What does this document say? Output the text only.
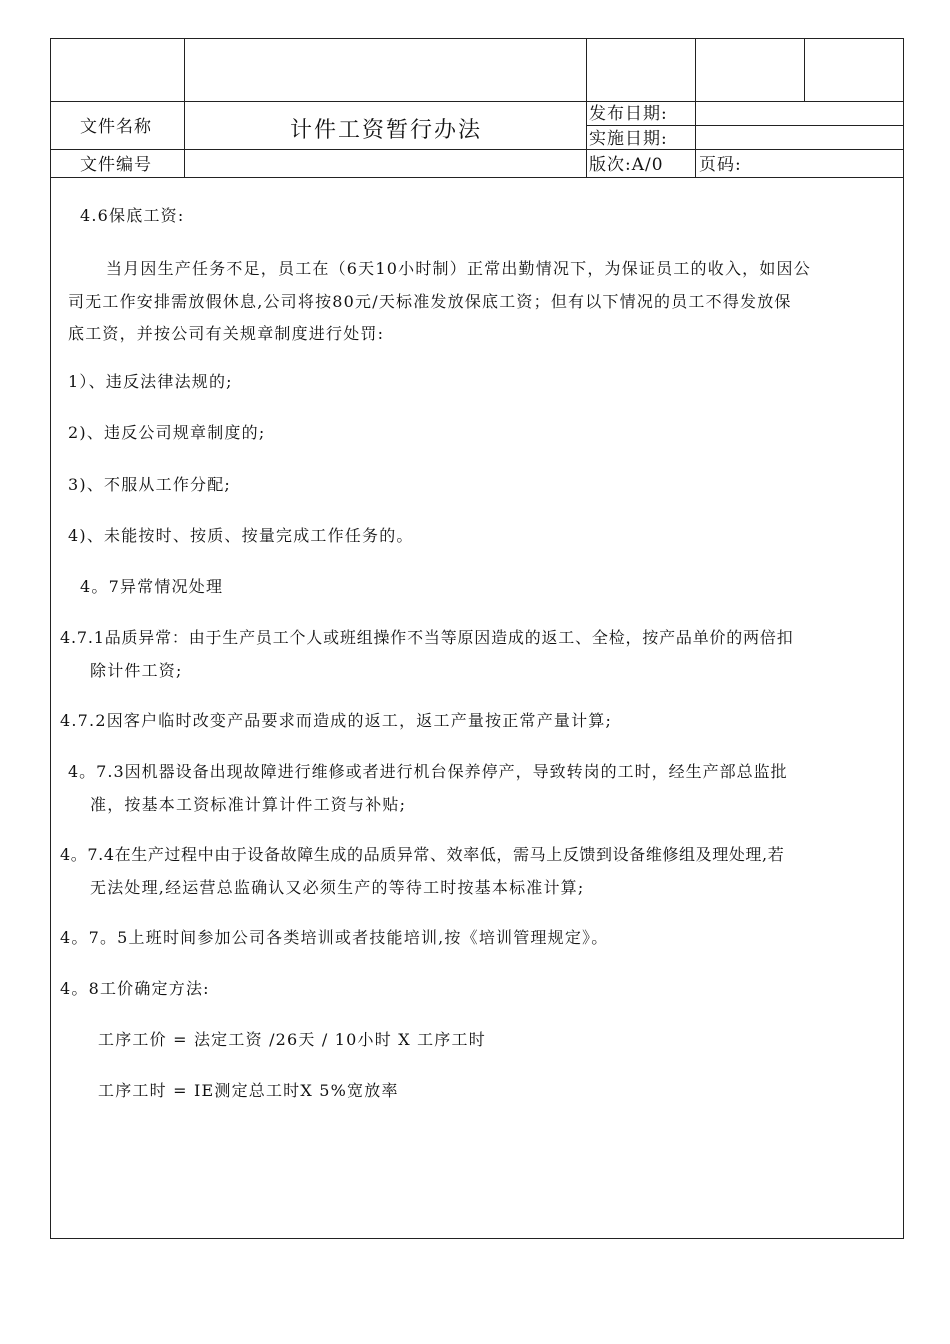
文件名称	计件工资暂行办法
文件编号
发布日期:
实施日期:
版次:A/0 页码:
4.6保底工资:
当月因生产任务不足，员工在（6天10小时制）正常出勤情况下，为保证员工的收入，如因公
司无工作安排需放假休息,公司将按80元/天标准发放保底工资；但有以下情况的员工不得发放保
底工资，并按公司有关规章制度进行处罚:
1）、违反法律法规的;
2)、违反公司规章制度的;
3)、不服从工作分配;
4)、未能按时、按质、按量完成工作任务的。
4。7异常情况处理
4.7.1品质异常：由于生产员工个人或班组操作不当等原因造成的返工、全检，按产品单价的两倍扣
除计件工资;
4.7.2因客户临时改变产品要求而造成的返工，返工产量按正常产量计算;
4。7.3因机器设备出现故障进行维修或者进行机台保养停产，导致转岗的工时，经生产部总监批
准，按基本工资标准计算计件工资与补贴;
4。7.4在生产过程中由于设备故障生成的品质异常、效率低，需马上反馈到设备维修组及理处理,若
无法处理,经运营总监确认又必须生产的等待工时按基本标准计算;
4。7。5上班时间参加公司各类培训或者技能培训,按《培训管理规定》。
4。8工价确定方法:
工序工价 = 法定工资 /26天 / 10小时 X 工序工时
工序工时 = IE测定总工时X 5%宽放率
